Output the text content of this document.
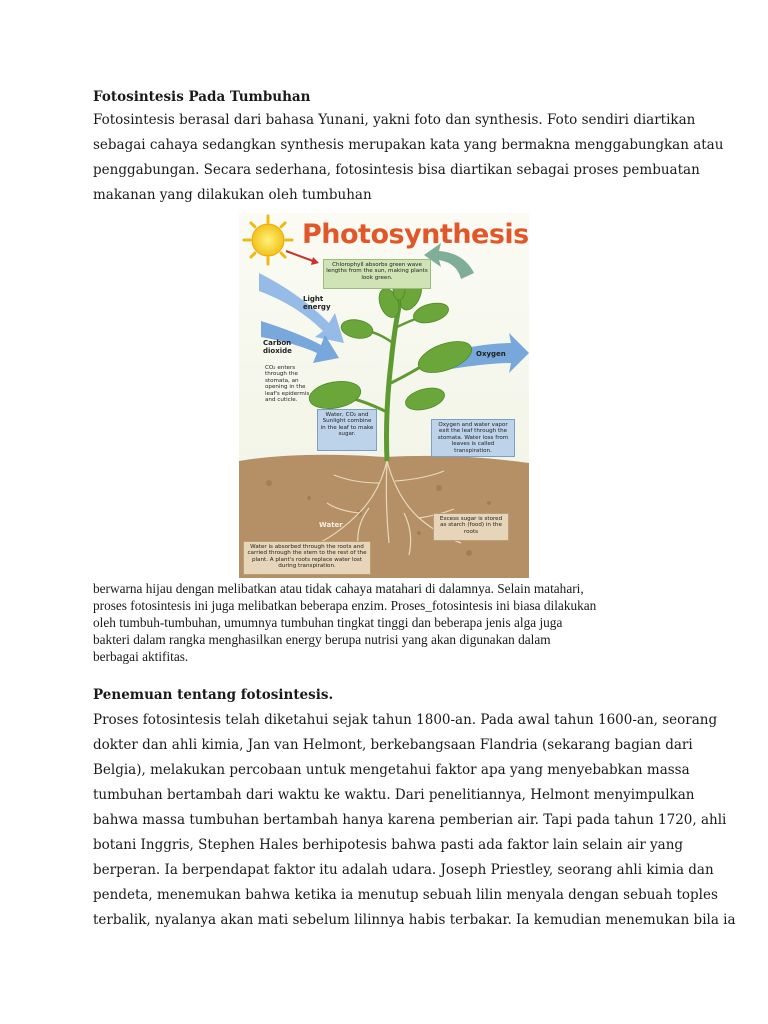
Fotosintesis Pada Tumbuhan
Fotosintesis berasal dari bahasa Yunani, yakni foto dan synthesis. Foto sendiri diartikan
sebagai cahaya sedangkan synthesis merupakan kata yang bermakna menggabungkan atau
penggabungan. Secara sederhana, fotosintesis bisa diartikan sebagai proses pembuatan
makanan yang dilakukan oleh tumbuhan
Photosynthesis
Chlorophyll absorbs green wave lengths from the sun, making plants look green.
Light energy
Carbon dioxide
CO₂ enters through the stomata, an opening in the leaf's epidermis and cuticle.
Oxygen
Water, CO₂ and Sunlight combine in the leaf to make sugar.
Oxygen and water vapor exit the leaf through the stomata. Water loss from leaves is called transpiration.
Water
Excess sugar is stored as starch (food) in the roots
Water is absorbed through the roots and carried through the stem to the rest of the plant. A plant's roots replace water lost during transpiration.
berwarna hijau dengan melibatkan atau tidak cahaya matahari di dalamnya. Selain matahari,
proses fotosintesis ini juga melibatkan beberapa enzim. Proses_fotosintesis ini biasa dilakukan
oleh tumbuh-tumbuhan, umumnya tumbuhan tingkat tinggi dan beberapa jenis alga juga
bakteri dalam rangka menghasilkan energy berupa nutrisi yang akan digunakan dalam
berbagai aktifitas.
Penemuan tentang fotosintesis.
Proses fotosintesis telah diketahui sejak tahun 1800-an. Pada awal tahun 1600-an, seorang
dokter dan ahli kimia, Jan van Helmont, berkebangsaan Flandria (sekarang bagian dari
Belgia), melakukan percobaan untuk mengetahui faktor apa yang menyebabkan massa
tumbuhan bertambah dari waktu ke waktu. Dari penelitiannya, Helmont menyimpulkan
bahwa massa tumbuhan bertambah hanya karena pemberian air. Tapi pada tahun 1720, ahli
botani Inggris, Stephen Hales berhipotesis bahwa pasti ada faktor lain selain air yang
berperan. Ia berpendapat faktor itu adalah udara. Joseph Priestley, seorang ahli kimia dan
pendeta, menemukan bahwa ketika ia menutup sebuah lilin menyala dengan sebuah toples
terbalik, nyalanya akan mati sebelum lilinnya habis terbakar. Ia kemudian menemukan bila ia
